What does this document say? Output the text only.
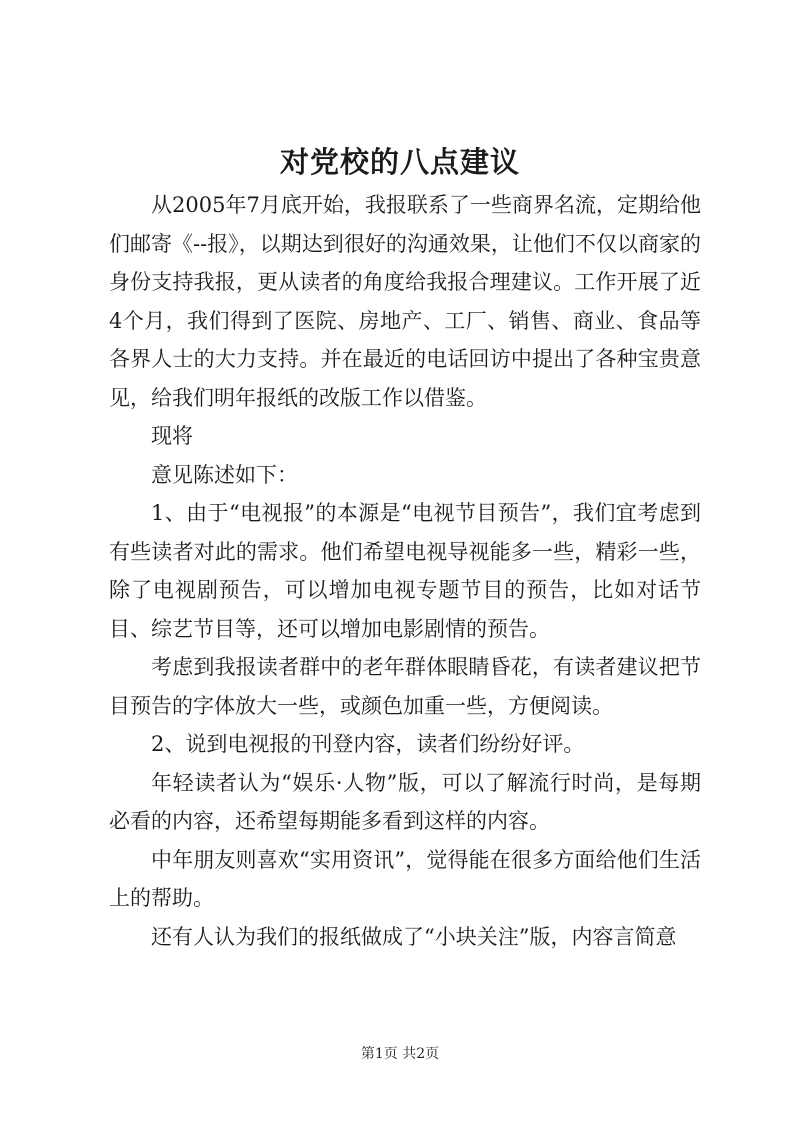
对党校的八点建议

从2005年7月底开始，我报联系了一些商界名流，定期给他们邮寄《--报》，以期达到很好的沟通效果，让他们不仅以商家的身份支持我报，更从读者的角度给我报合理建议。工作开展了近4个月，我们得到了医院、房地产、工厂、销售、商业、食品等各界人士的大力支持。并在最近的电话回访中提出了各种宝贵意见，给我们明年报纸的改版工作以借鉴。

现将

意见陈述如下：

1、由于“电视报”的本源是“电视节目预告”，我们宜考虑到有些读者对此的需求。他们希望电视导视能多一些，精彩一些，除了电视剧预告，可以增加电视专题节目的预告，比如对话节目、综艺节目等，还可以增加电影剧情的预告。

考虑到我报读者群中的老年群体眼睛昏花，有读者建议把节目预告的字体放大一些，或颜色加重一些，方便阅读。

2、说到电视报的刊登内容，读者们纷纷好评。

年轻读者认为“娱乐·人物”版，可以了解流行时尚，是每期必看的内容，还希望每期能多看到这样的内容。

中年朋友则喜欢“实用资讯”，觉得能在很多方面给他们生活上的帮助。

还有人认为我们的报纸做成了“小块关注”版，内容言简意

第1页 共2页
